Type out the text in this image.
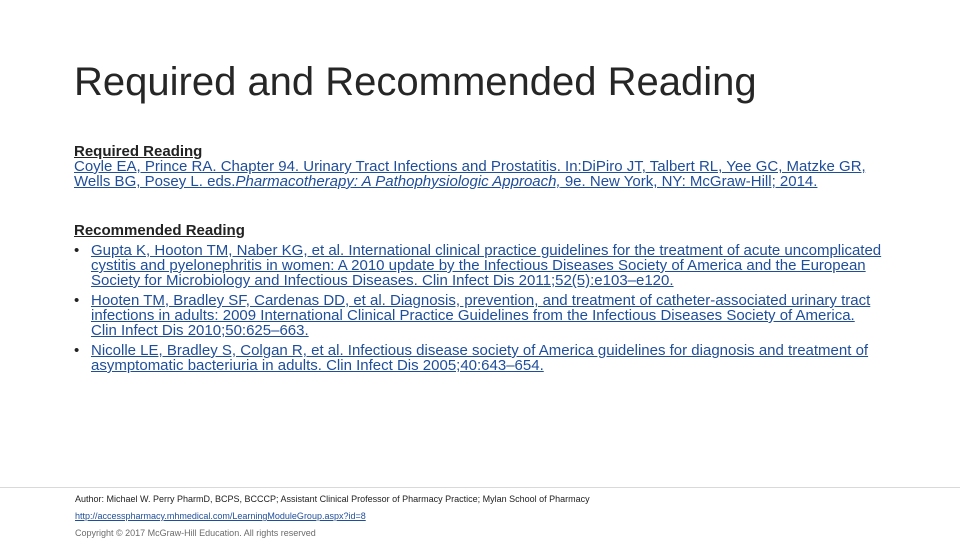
Required and Recommended Reading
Required Reading
Coyle EA, Prince RA. Chapter 94. Urinary Tract Infections and Prostatitis. In:DiPiro JT, Talbert RL, Yee GC, Matzke GR, Wells BG, Posey L. eds.Pharmacotherapy: A Pathophysiologic Approach, 9e. New York, NY: McGraw-Hill; 2014.
Recommended Reading
• Gupta K, Hooton TM, Naber KG, et al. International clinical practice guidelines for the treatment of acute uncomplicated cystitis and pyelonephritis in women: A 2010 update by the Infectious Diseases Society of America and the European Society for Microbiology and Infectious Diseases. Clin Infect Dis 2011;52(5):e103–e120.
• Hooten TM, Bradley SF, Cardenas DD, et al. Diagnosis, prevention, and treatment of catheter-associated urinary tract infections in adults: 2009 International Clinical Practice Guidelines from the Infectious Diseases Society of America. Clin Infect Dis 2010;50:625–663.
• Nicolle LE, Bradley S, Colgan R, et al. Infectious disease society of America guidelines for diagnosis and treatment of asymptomatic bacteriuria in adults. Clin Infect Dis 2005;40:643–654.
Author: Michael W. Perry PharmD, BCPS, BCCCP; Assistant Clinical Professor of Pharmacy Practice; Mylan School of Pharmacy
http://accesspharmacy.mhmedical.com/LearningModuleGroup.aspx?id=8
Copyright © 2017 McGraw-Hill Education. All rights reserved
